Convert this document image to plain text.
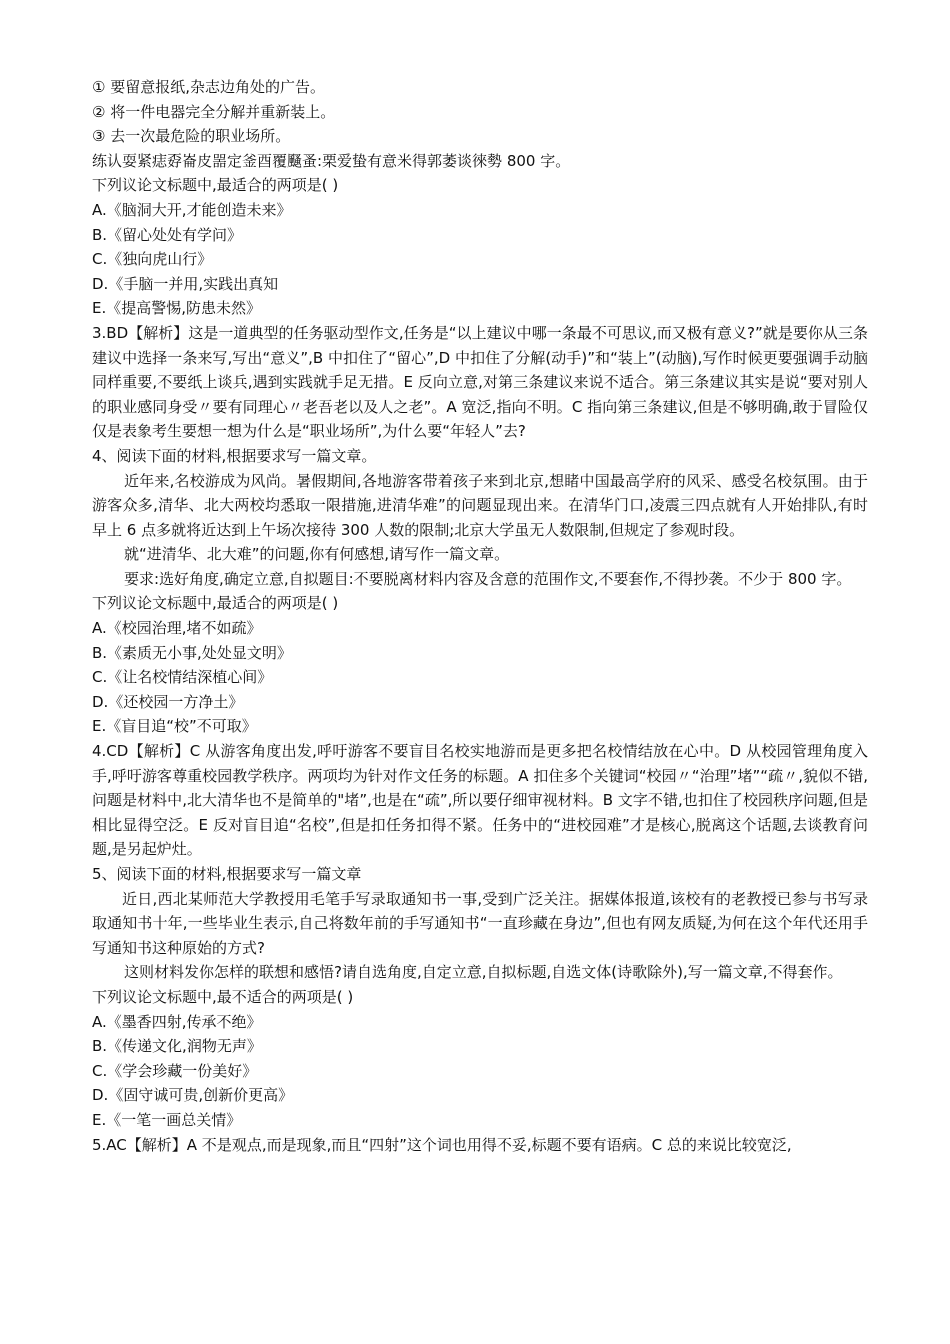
① 要留意报纸,杂志边角处的广告。
② 将一件电器完全分解并重新装上。
③ 去一次最危险的职业场所。
练认耍紧痣孬崙皮噐定釜酉覆颾蚤:栗爱蛰有意米得郭萎谈徠勢 800 字。
下列议论文标题中,最适合的两项是( )
A.《脑洞大开,才能创造未来》
B.《留心处处有学问》
C.《独向虎山行》
D.《手脑一并用,实践出真知
E.《提高警惕,防患未然》
3.BD【解析】这是一道典型的任务驱动型作文,任务是“以上建议中哪一条最不可思议,而又极有意义?”就是要你从三条建议中选择一条来写,写出“意义”,B 中扣住了“留心”,D 中扣住了分解(动手)”和“装上”(动脑),写作时候更要强调手动脑同样重要,不要纸上谈兵,遇到实践就手足无措。E 反向立意,对第三条建议来说不适合。第三条建议其实是说“要对别人的职业感同身受〃要有同理心〃老吾老以及人之老”。A 宽泛,指向不明。C 指向第三条建议,但是不够明确,敢于冒险仅仅是表象考生要想一想为什么是“职业场所”,为什么要“年轻人”去?
4、阅读下面的材料,根据要求写一篇文章。
近年来,名校游成为风尚。暑假期间,各地游客带着孩子来到北京,想睹中国最高学府的风采、感受名校氛围。由于游客众多,清华、北大两校均悉取一限措施,进清华难”的问题显现出来。在清华门口,凌震三四点就有人开始排队,有时早上 6 点多就将近达到上午场次接待 300 人数的限制;北京大学虽无人数限制,但规定了参观时段。
就“进清华、北大难”的问题,你有何感想,请写作一篇文章。
要求:选好角度,确定立意,自拟题目:不要脱离材料内容及含意的范围作文,不要套作,不得抄袭。不少于 800 字。
下列议论文标题中,最适合的两项是( )
A.《校园治理,堵不如疏》
B.《素质无小事,处处显文明》
C.《让名校情结深植心间》
D.《还校园一方净土》
E.《盲目追“校”不可取》
4.CD【解析】C 从游客角度出发,呼吁游客不要盲目名校实地游而是更多把名校情结放在心中。D 从校园管理角度入手,呼吁游客尊重校园教学秩序。两项均为针对作文任务的标题。A 扣住多个关键词“校园〃“治理”堵”“疏〃,貌似不错,问题是材料中,北大清华也不是简单的"堵”,也是在“疏”,所以要仔细审视材料。B 文字不错,也扣住了校园秩序问题,但是相比显得空泛。E 反对盲目追“名校”,但是扣任务扣得不紧。任务中的“进校园难”才是核心,脱离这个话题,去谈教育问题,是另起炉灶。
5、阅读下面的材料,根据要求写一篇文章
近日,西北某师范大学教授用毛笔手写录取通知书一事,受到广泛关注。据媒体报道,该校有的老教授已参与书写录取通知书十年,一些毕业生表示,自己将数年前的手写通知书“一直珍藏在身边”,但也有网友质疑,为何在这个年代还用手写通知书这种原始的方式?
这则材料发你怎样的联想和感悟?请自选角度,自定立意,自拟标题,自选文体(诗歌除外),写一篇文章,不得套作。
下列议论文标题中,最不适合的两项是( )
A.《墨香四射,传承不绝》
B.《传递文化,润物无声》
C.《学会珍藏一份美好》
D.《固守诚可贵,创新价更高》
E.《一笔一画总关情》
5.AC【解析】A 不是观点,而是现象,而且“四射”这个词也用得不妥,标题不要有语病。C 总的来说比较宽泛,
